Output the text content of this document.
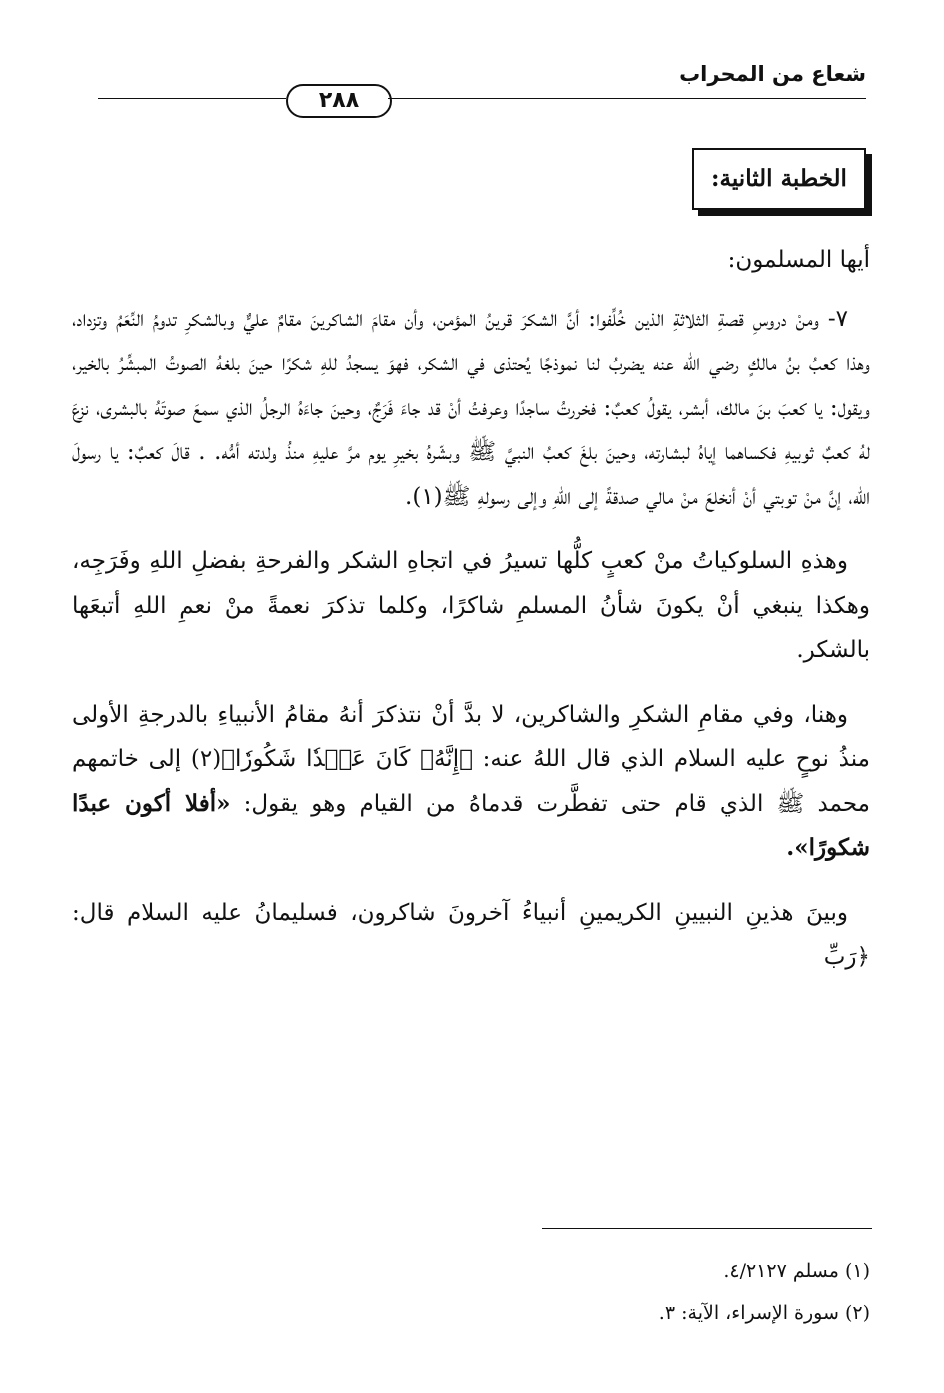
شعاع من المحراب
٢٨٨
الخطبة الثانية:

أيها المسلمون:

٧- ومنْ دروسِ قصةِ الثلاثةِ الذين خُلِّفوا: أنَّ الشكرَ قرينُ المؤمن، وأن مقامَ الشاكرينَ مقامٌ عليٌّ وبالشكرِ تدومُ النِّعَمُ وتزداد، وهذا كعبُ بنُ مالكٍ رضي الله عنه يضربُ لنا نموذجًا يُحتذى في الشكر، فهوَ يسجدُ للهِ شكرًا حينَ بلغهُ الصوتُ المبشِّرُ بالخير، ويقول: يا كعبَ بنَ مالك، أبشر، يقولُ كعبٌ: فخررتُ ساجدًا وعرفتُ أنْ قد جاءَ فَرَجٌ، وحينَ جاءَهُ الرجلُ الذي سمعَ صوتَهُ بالبشرى، نزعَ لهُ كعبٌ ثوبيهِ فكساهما إياهُ لبشارته، وحينَ بلغَ كعبُ النبيَّ ﷺ وبشّرهُ بخيرِ يوم مرَّ عليهِ منذُ ولدته أمُّه. . قالَ كعبٌ: يا رسولَ الله، إنَّ منْ توبتي أنْ أنخلعَ منْ مالي صدقةً إلى اللهِ وإلى رسولهِ ﷺ(١).

وهذهِ السلوكياتُ منْ كعبٍ كلُّها تسيرُ في اتجاهِ الشكر والفرحةِ بفضلِ اللهِ وفَرَجِه، وهكذا ينبغي أنْ يكونَ شأنُ المسلمِ شاكرًا، وكلما تذكرَ نعمةً منْ نعمِ اللهِ أتبعَها بالشكر.

وهنا، وفي مقامِ الشكرِ والشاكرين، لا بدَّ أنْ نتذكرَ أنهُ مقامُ الأنبياءِ بالدرجةِ الأولى منذُ نوحٍ عليه السلام الذي قال اللهُ عنه: ﴿إِنَّهُۥ كَانَ عَبۡدٗا شَكُورٗا﴾(٢) إلى خاتمهم محمد ﷺ الذي قام حتى تفطَّرت قدماهُ من القيام وهو يقول: «أفلا أكون عبدًا شكورًا».

وبينَ هذينِ النبيينِ الكريمينِ أنبياءُ آخرونَ شاكرون، فسليمانُ عليه السلام قال: ﴿رَبِّ

(١) مسلم ٤/٢١٢٧.
(٢) سورة الإسراء، الآية: ٣.
